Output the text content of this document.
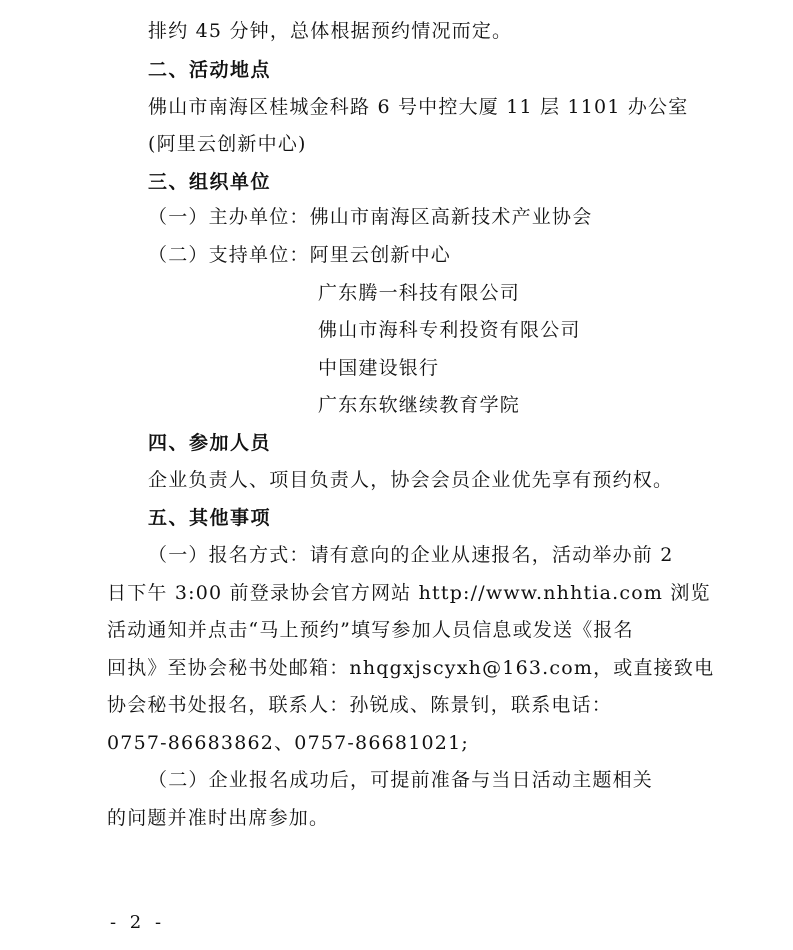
排约 45 分钟，总体根据预约情况而定。
二、活动地点
佛山市南海区桂城金科路 6 号中控大厦 11 层 1101 办公室
(阿里云创新中心)
三、组织单位
（一）主办单位：佛山市南海区高新技术产业协会
（二）支持单位：阿里云创新中心
广东腾一科技有限公司
佛山市海科专利投资有限公司
中国建设银行
广东东软继续教育学院
四、参加人员
企业负责人、项目负责人，协会会员企业优先享有预约权。
五、其他事项
（一）报名方式：请有意向的企业从速报名，活动举办前 2
日下午 3:00 前登录协会官方网站 http://www.nhhtia.com 浏览
活动通知并点击“马上预约”填写参加人员信息或发送《报名
回执》至协会秘书处邮箱：nhqgxjscyxh@163.com，或直接致电
协会秘书处报名，联系人：孙锐成、陈景钊，联系电话：
0757-86683862、0757-86681021;
（二）企业报名成功后，可提前准备与当日活动主题相关
的问题并准时出席参加。
- 2 -
